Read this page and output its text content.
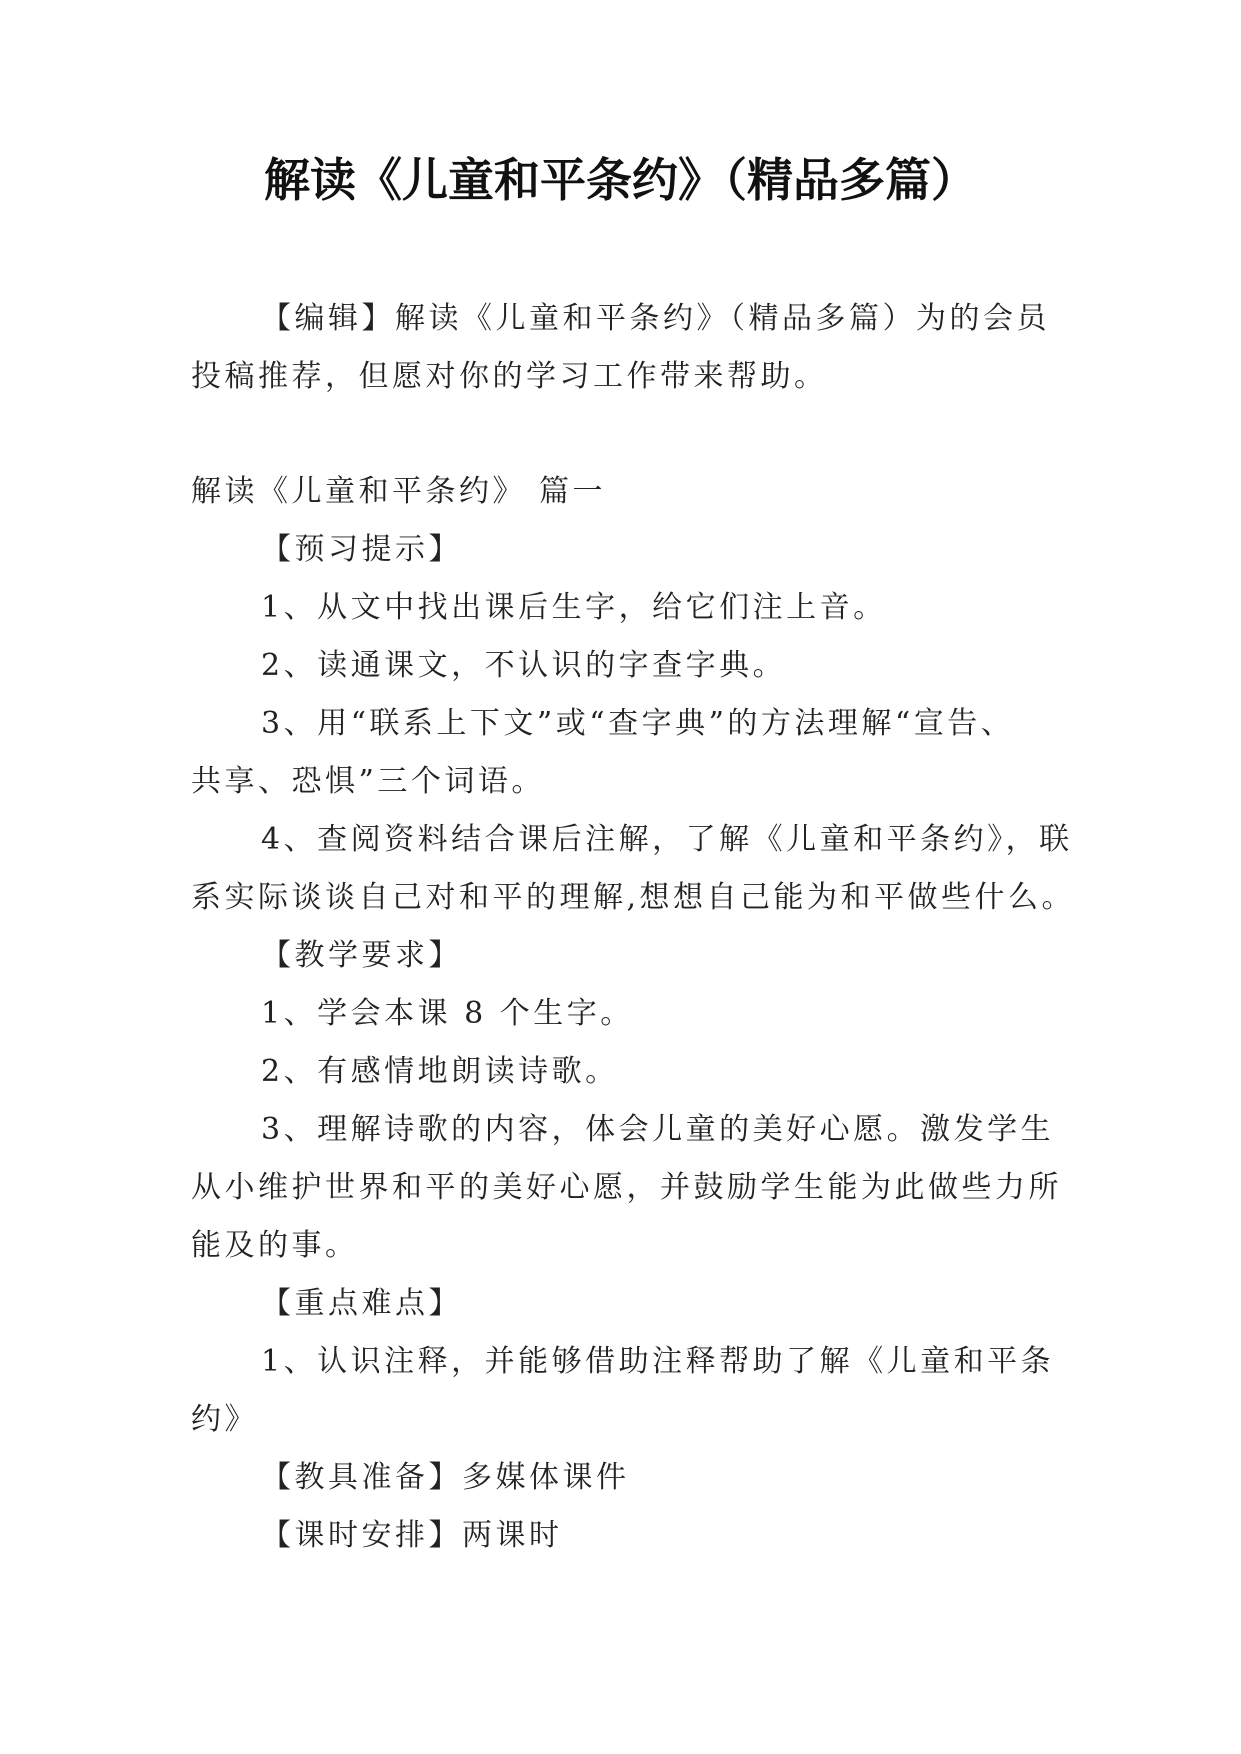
解读《儿童和平条约》（精品多篇）

【编辑】解读《儿童和平条约》（精品多篇）为的会员

投稿推荐，但愿对你的学习工作带来帮助。

解读《儿童和平条约》 篇一

【预习提示】

1、从文中找出课后生字，给它们注上音。

2、读通课文，不认识的字查字典。

3、用“联系上下文”或“查字典”的方法理解“宣告、

共享、恐惧”三个词语。

4、查阅资料结合课后注解，了解《儿童和平条约》，联

系实际谈谈自己对和平的理解,想想自己能为和平做些什么。

【教学要求】

1、学会本课 8 个生字。

2、有感情地朗读诗歌。

3、理解诗歌的内容，体会儿童的美好心愿。激发学生

从小维护世界和平的美好心愿，并鼓励学生能为此做些力所

能及的事。

【重点难点】

1、认识注释，并能够借助注释帮助了解《儿童和平条

约》

【教具准备】多媒体课件

【课时安排】两课时
